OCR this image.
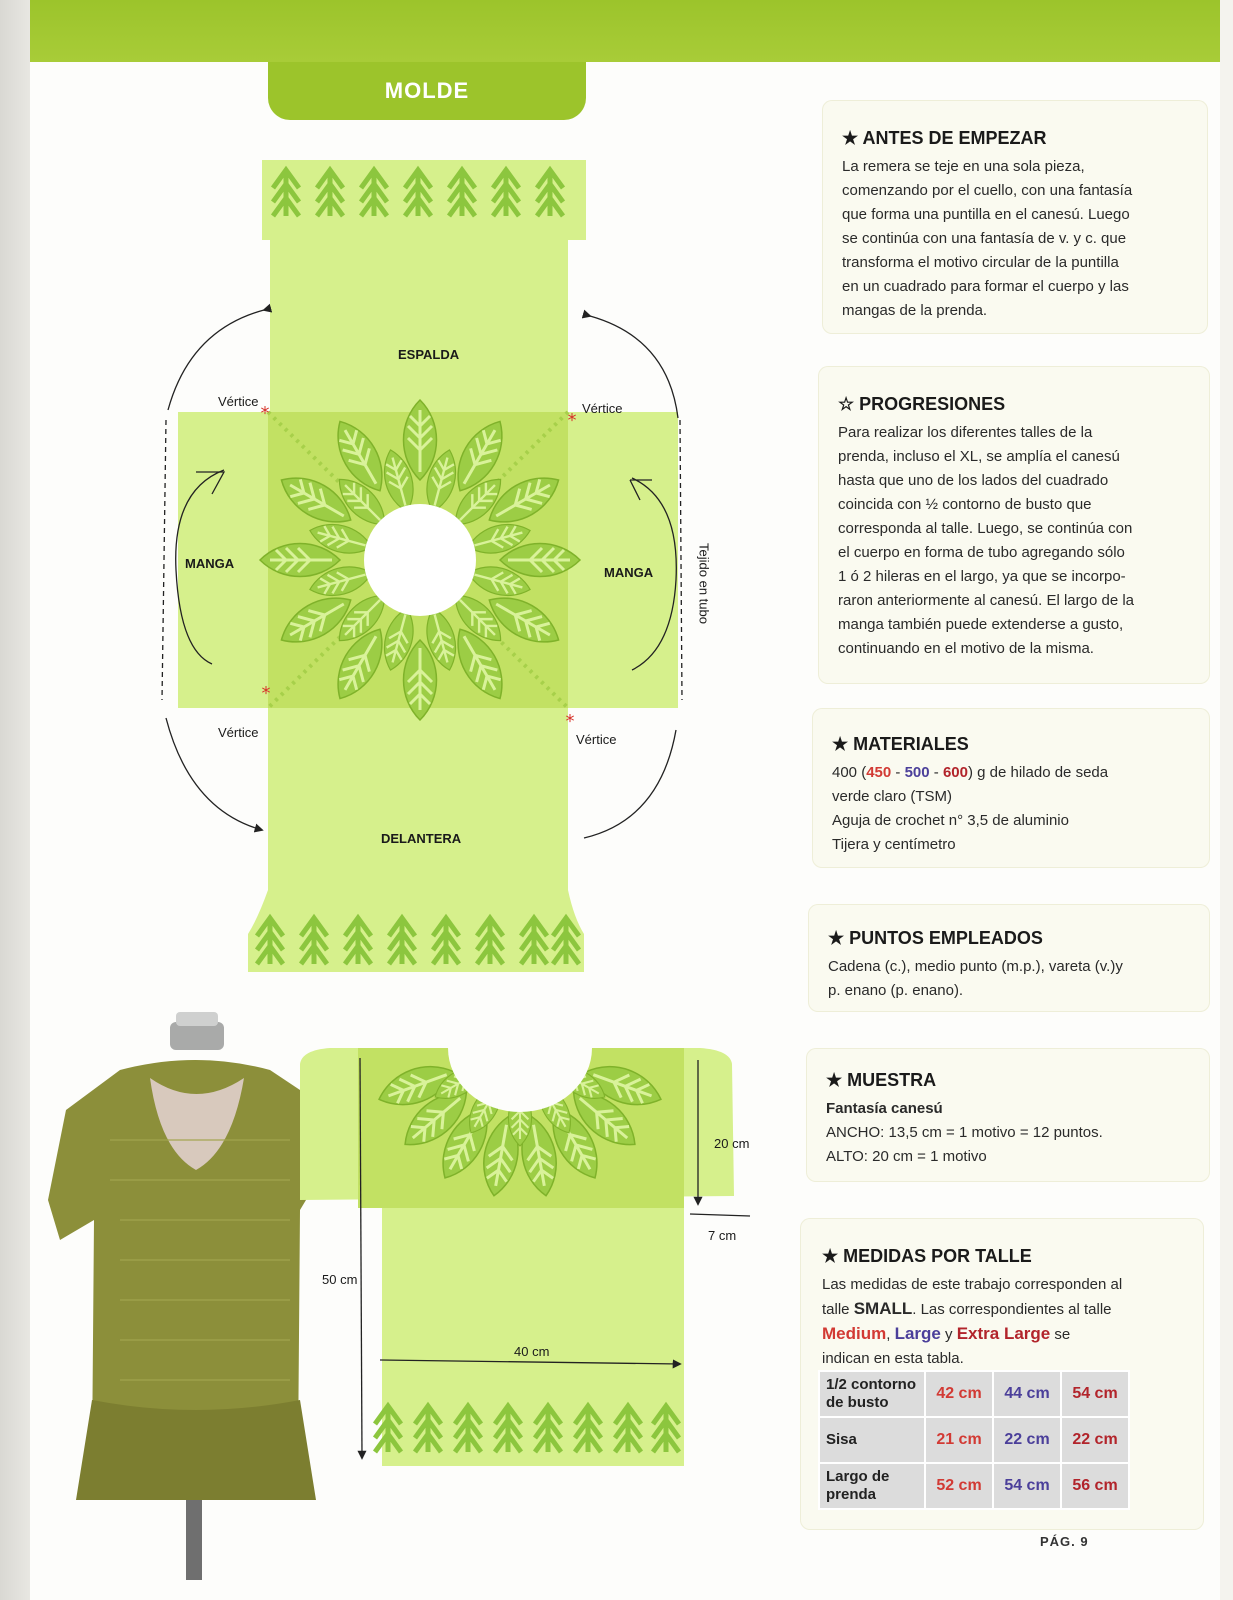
MOLDE
*	*
*
*
ESPALDA
DELANTERA
MANGA
MANGA
Vértice	Vértice
Vértice	Vértice
Tejido en tubo
20 cm
7 cm
50 cm
40 cm
★ ANTES DE EMPEZAR

La remera se teje en una sola pieza,

comenzando por el cuello, con una fantasía

que forma una puntilla en el canesú. Luego

se continúa con una fantasía de v. y c. que

transforma el motivo circular de la puntilla

en un cuadrado para formar el cuerpo y las

mangas de la prenda.

☆ PROGRESIONES

Para realizar los diferentes talles de la

prenda, incluso el XL, se amplía el canesú

hasta que uno de los lados del cuadrado

coincida con ½ contorno de busto que

corresponda al talle. Luego, se continúa con

el cuerpo en forma de tubo agregando sólo

1 ó 2 hileras en el largo, ya que se incorpo-

raron anteriormente al canesú. El largo de la

manga también puede extenderse a gusto,

continuando en el motivo de la misma.

★ MATERIALES

400 (450 - 500 - 600) g de hilado de seda

verde claro (TSM)

Aguja de crochet n° 3,5 de aluminio

Tijera y centímetro

★ PUNTOS EMPLEADOS

Cadena (c.), medio punto (m.p.), vareta (v.)y

p. enano (p. enano).

★ MUESTRA

Fantasía canesú

ANCHO: 13,5 cm = 1 motivo = 12 puntos.

ALTO: 20 cm = 1 motivo

★ MEDIDAS POR TALLE

Las medidas de este trabajo corresponden al

talle SMALL. Las correspondientes al talle

Medium, Large y Extra Large se

indican en esta tabla.

1/2 contorno de busto	42 cm	44 cm	54 cm
Sisa	21 cm	22 cm	22 cm
Largo de prenda	52 cm	54 cm	56 cm
PÁG. 9
